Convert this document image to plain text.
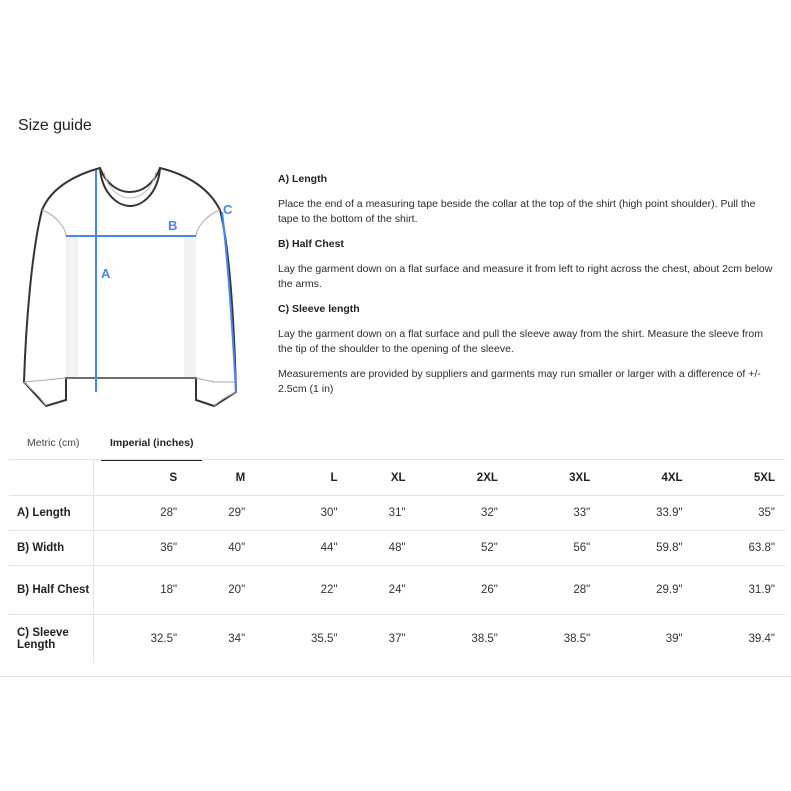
Size guide
A
B
C
A) Length

Place the end of a measuring tape beside the collar at the top of the shirt (high point shoulder). Pull the tape to the bottom of the shirt.

B) Half Chest

Lay the garment down on a flat surface and measure it from left to right across the chest, about 2cm below the arms.

C) Sleeve length

Lay the garment down on a flat surface and pull the sleeve away from the shirt. Measure the sleeve from the tip of the shoulder to the opening of the sleeve.

Measurements are provided by suppliers and garments may run smaller or larger with a difference of +/- 2.5cm (1 in)

Metric (cm)	Imperial (inches)
	S	M	L	XL	2XL	3XL	4XL	5XL
A) Length	28"	29"	30"	31"	32"	33"	33.9"	35"
B) Width	36"	40"	44"	48"	52"	56"	59.8"	63.8"
B) Half Chest	18"	20"	22"	24"	26"	28"	29.9"	31.9"
C) Sleeve Length	32.5"	34"	35.5"	37"	38.5"	38.5"	39"	39.4"
